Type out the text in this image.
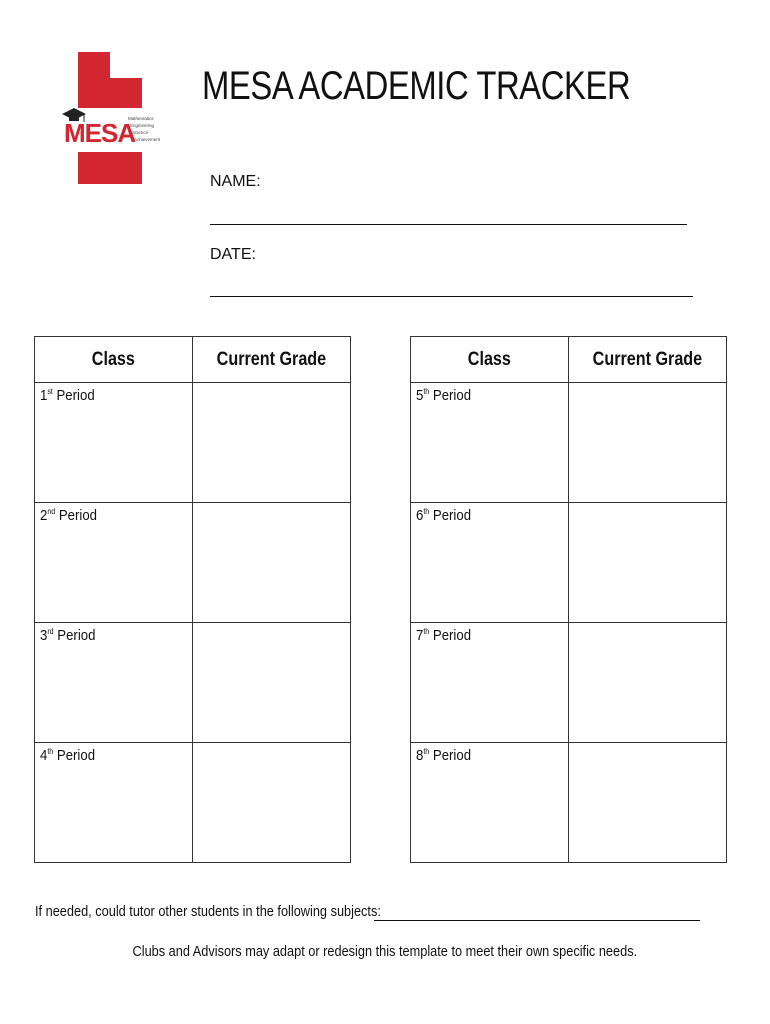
MESA
Mathematics
Engineering
Science
Achievement
MESA ACADEMIC TRACKER
NAME:
DATE:
Class	Current Grade
1st Period	
2nd Period	
3rd Period	
4th Period	
Class	Current Grade
5th Period	
6th Period	
7th Period	
8th Period	
If needed, could tutor other students in the following subjects:
Clubs and Advisors may adapt or redesign this template to meet their own specific needs.
